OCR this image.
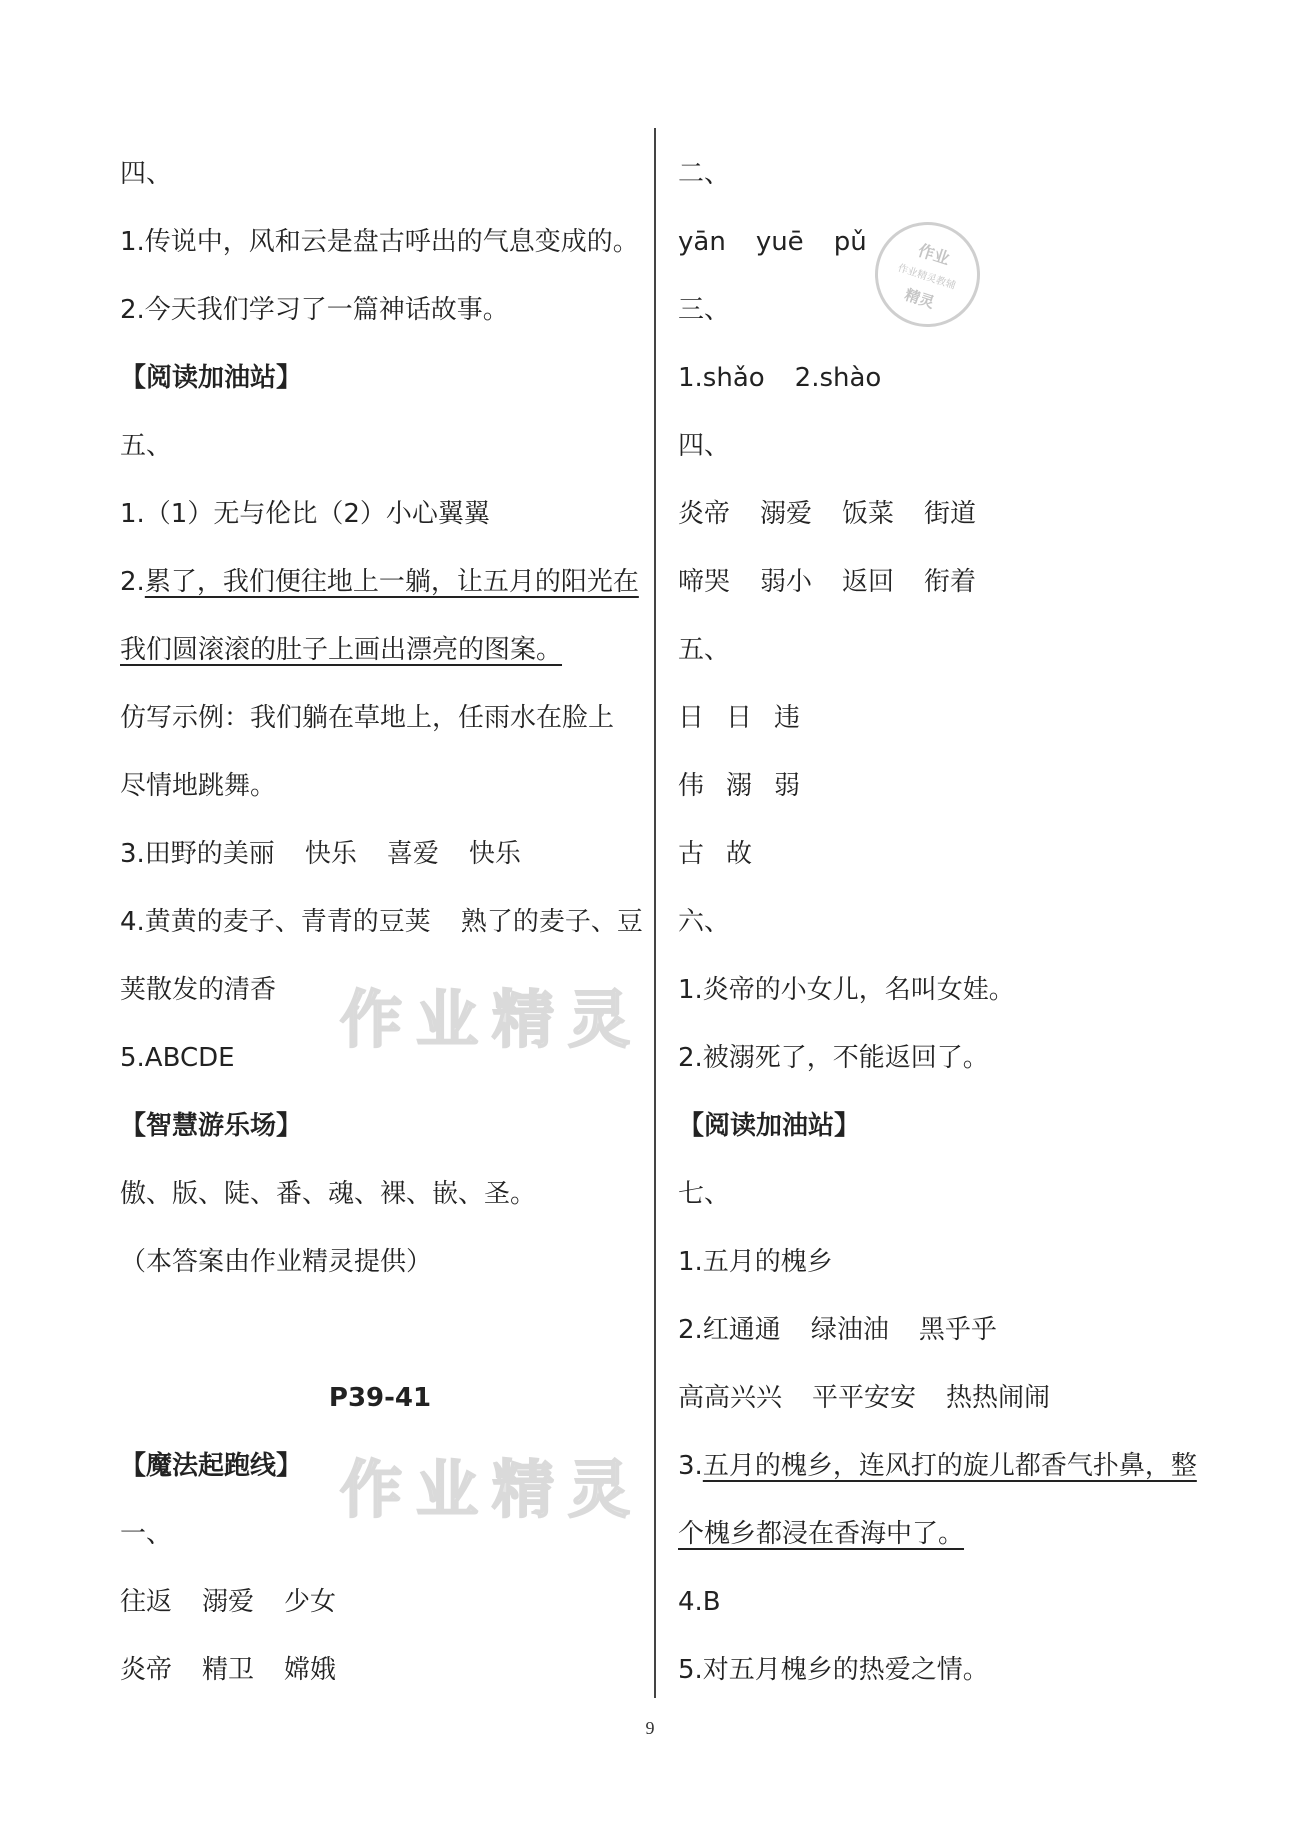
四、

1.传说中，风和云是盘古呼出的气息变成的。

2.今天我们学习了一篇神话故事。

【阅读加油站】

五、

1.（1）无与伦比（2）小心翼翼

2.累了，我们便往地上一躺，让五月的阳光在

我们圆滚滚的肚子上画出漂亮的图案。

仿写示例：我们躺在草地上，任雨水在脸上

尽情地跳舞。

3.田野的美丽 快乐 喜爱 快乐

4.黄黄的麦子、青青的豆荚 熟了的麦子、豆

荚散发的清香

5.ABCDE

【智慧游乐场】

傲、版、陡、番、魂、裸、嵌、圣。

（本答案由作业精灵提供）

P39-41

【魔法起跑线】

一、

往返 溺爱 少女

炎帝 精卫 嫦娥

二、

yān yuē pǔ

三、

1.shǎo 2.shào

四、

炎帝 溺爱 饭菜 街道

啼哭 弱小 返回 衔着

五、

日 日 违

伟 溺 弱

古 故

六、

1.炎帝的小女儿，名叫女娃。

2.被溺死了，不能返回了。

【阅读加油站】

七、

1.五月的槐乡

2.红通通 绿油油 黑乎乎

高高兴兴 平平安安 热热闹闹

3.五月的槐乡，连风打的旋儿都香气扑鼻，整

个槐乡都浸在香海中了。

4.B

5.对五月槐乡的热爱之情。

作业精灵
作业精灵
作业
作业精灵教辅
精灵
9
